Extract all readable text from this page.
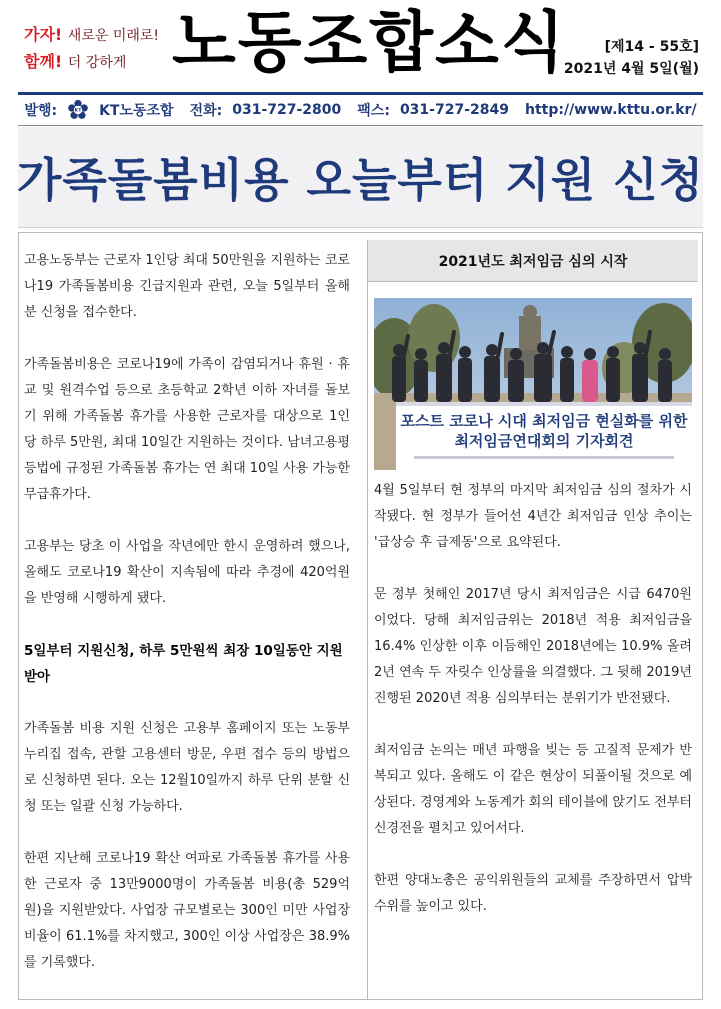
가자! 새로운 미래로!
함께! 더 강하게 노동조합소식	[제14 - 55호]
2021년 4월 5일(월)
발행:	KT KT노동조합 전화: 031-727-2800 팩스: 031-727-2849 http://www.kttu.or.kr/
가족돌봄비용 오늘부터 지원 신청

고용노동부는 근로자 1인당 최대 50만원을 지원하는 코로나19 가족돌봄비용 긴급지원과 관련, 오늘 5일부터 올해분 신청을 접수한다.

가족돌봄비용은 코로나19에 가족이 감염되거나 휴원 · 휴교 및 원격수업 등으로 초등학교 2학년 이하 자녀를 돌보기 위해 가족돌봄 휴가를 사용한 근로자를 대상으로 1인당 하루 5만원, 최대 10일간 지원하는 것이다. 남녀고용평등법에 규정된 가족돌봄 휴가는 연 최대 10일 사용 가능한 무급휴가다.

고용부는 당초 이 사업을 작년에만 한시 운영하려 했으나, 올해도 코로나19 확산이 지속됨에 따라 추경에 420억원을 반영해 시행하게 됐다.

5일부터 지원신청, 하루 5만원씩 최장 10일동안 지원 받아

가족돌봄 비용 지원 신청은 고용부 홈페이지 또는 노동부 누리집 접속, 관할 고용센터 방문, 우편 접수 등의 방법으로 신청하면 된다. 오는 12월10일까지 하루 단위 분할 신청 또는 일괄 신청 가능하다.

한편 지난해 코로나19 확산 여파로 가족돌봄 휴가를 사용한 근로자 중 13만9000명이 가족돌봄 비용(총 529억 원)을 지원받았다. 사업장 규모별로는 300인 미만 사업장 비율이 61.1%를 차지했고, 300인 이상 사업장은 38.9%를 기록했다.

2021년도 최저임금 심의 시작
포스트 코로나 시대 최저임금 현실화를 위한
최저임금연대회의 기자회견

4월 5일부터 현 정부의 마지막 최저임금 심의 절차가 시작됐다. 현 정부가 들어선 4년간 최저임금 인상 추이는 '급상승 후 급제동'으로 요약된다.

문 정부 첫해인 2017년 당시 최저임금은 시급 6470원이었다. 당해 최저임금위는 2018년 적용 최저임금을 16.4% 인상한 이후 이듬해인 2018년에는 10.9% 올려 2년 연속 두 자릿수 인상률을 의결했다. 그 뒷해 2019년 진행된 2020년 적용 심의부터는 분위기가 반전됐다.

최저임금 논의는 매년 파행을 빚는 등 고질적 문제가 반복되고 있다. 올해도 이 같은 현상이 되풀이될 것으로 예상된다. 경영계와 노동계가 회의 테이블에 앉기도 전부터 신경전을 펼치고 있어서다.

한편 양대노총은 공익위원들의 교체를 주장하면서 압박 수위를 높이고 있다.
